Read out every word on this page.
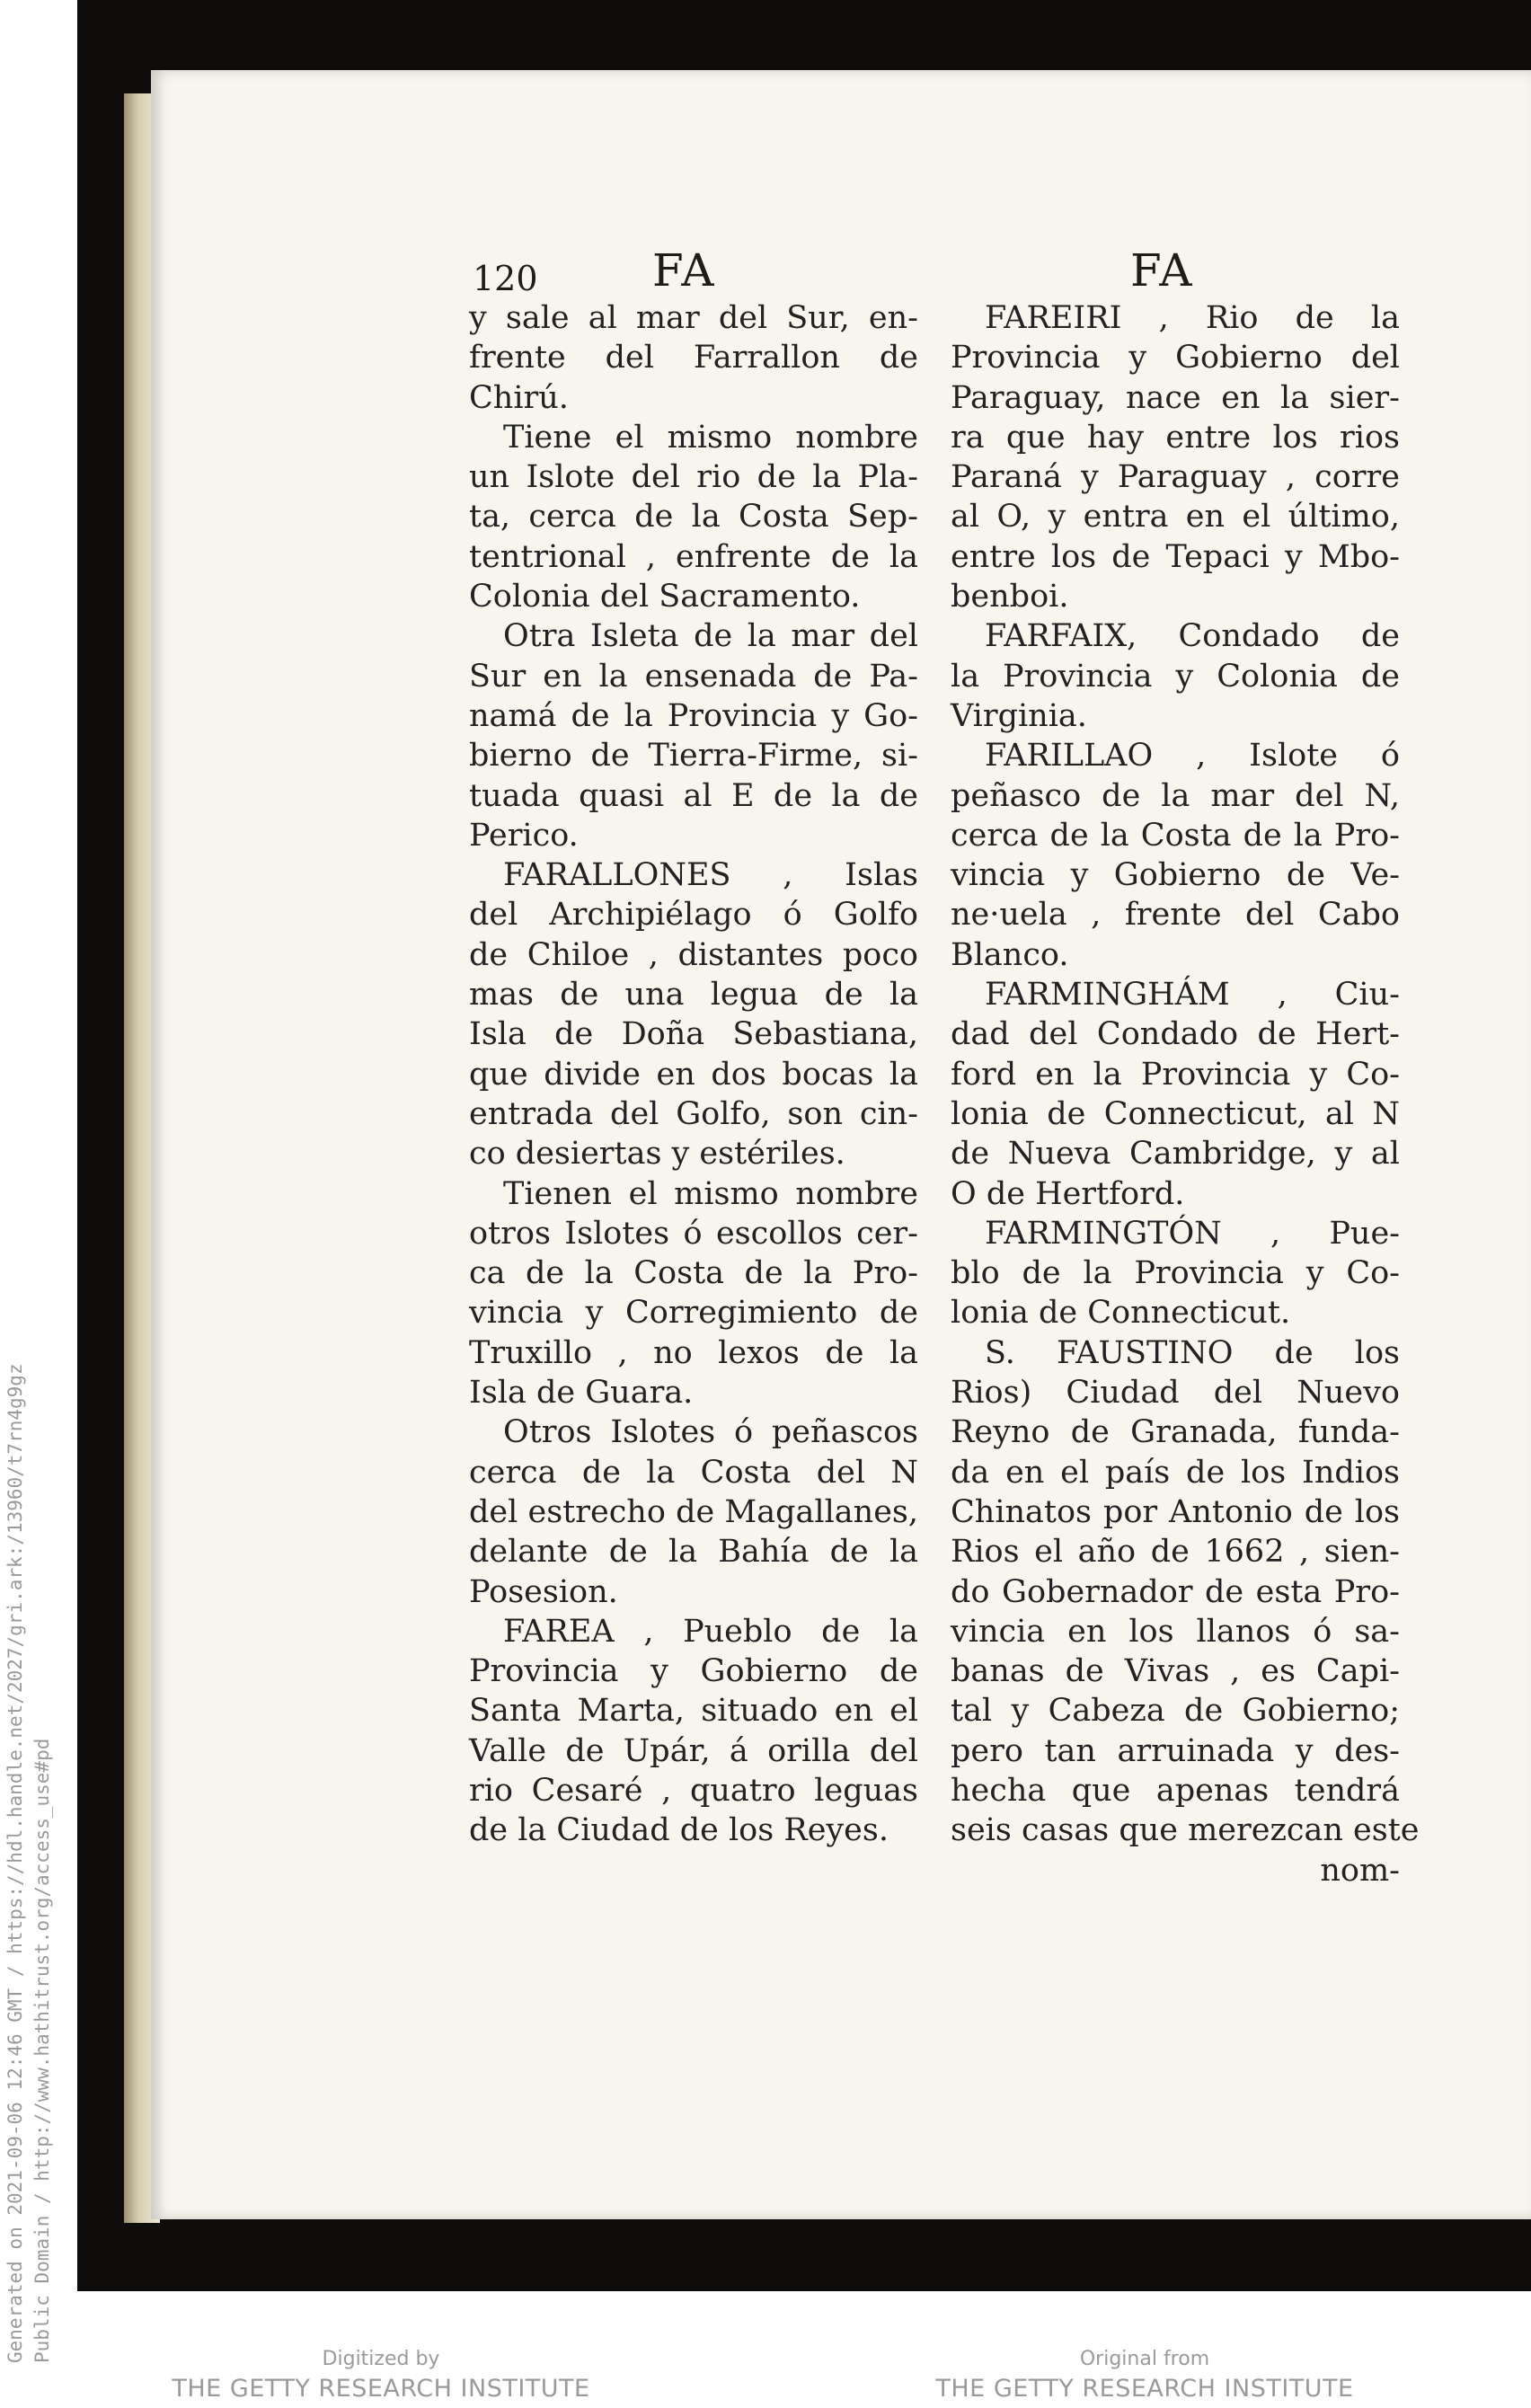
Generated on 2021-09-06 12:46 GMT / https://hdl.handle.net/2027/gri.ark:/13960/t7rn4g9gz Public Domain / http://www.hathitrust.org/access_use#pd
120	FA	FA

y sale al mar del Sur, en-

frente del Farrallon de

Chirú.

Tiene el mismo nombre

un Islote del rio de la Pla-

ta, cerca de la Costa Sep-

tentrional , enfrente de la

Colonia del Sacramento.

Otra Isleta de la mar del

Sur en la ensenada de Pa-

namá de la Provincia y Go-

bierno de Tierra-Firme, si-

tuada quasi al E de la de

Perico.

FARALLONES , Islas

del Archipiélago ó Golfo

de Chiloe , distantes poco

mas de una legua de la

Isla de Doña Sebastiana,

que divide en dos bocas la

entrada del Golfo, son cin-

co desiertas y estériles.

Tienen el mismo nombre

otros Islotes ó escollos cer-

ca de la Costa de la Pro-

vincia y Corregimiento de

Truxillo , no lexos de la

Isla de Guara.

Otros Islotes ó peñascos

cerca de la Costa del N

del estrecho de Magallanes,

delante de la Bahía de la

Posesion.

FAREA , Pueblo de la

Provincia y Gobierno de

Santa Marta, situado en el

Valle de Upár, á orilla del

rio Cesaré , quatro leguas

de la Ciudad de los Reyes.

FAREIRI , Rio de la

Provincia y Gobierno del

Paraguay, nace en la sier-

ra que hay entre los rios

Paraná y Paraguay , corre

al O, y entra en el último,

entre los de Tepaci y Mbo-

benboi.

FARFAIX, Condado de

la Provincia y Colonia de

Virginia.

FARILLAO , Islote ó

peñasco de la mar del N,

cerca de la Costa de la Pro-

vincia y Gobierno de Ve-

ne·uela , frente del Cabo

Blanco.

FARMINGHÁM , Ciu-

dad del Condado de Hert-

ford en la Provincia y Co-

lonia de Connecticut, al N

de Nueva Cambridge, y al

O de Hertford.

FARMINGTÓN , Pue-

blo de la Provincia y Co-

lonia de Connecticut.

S. FAUSTINO de los

Rios) Ciudad del Nuevo

Reyno de Granada, funda-

da en el país de los Indios

Chinatos por Antonio de los

Rios el año de 1662 , sien-

do Gobernador de esta Pro-

vincia en los llanos ó sa-

banas de Vivas , es Capi-

tal y Cabeza de Gobierno;

pero tan arruinada y des-

hecha que apenas tendrá

seis casas que merezcan este

nom-

Digitized by
THE GETTY RESEARCH INSTITUTE
Original from
THE GETTY RESEARCH INSTITUTE
